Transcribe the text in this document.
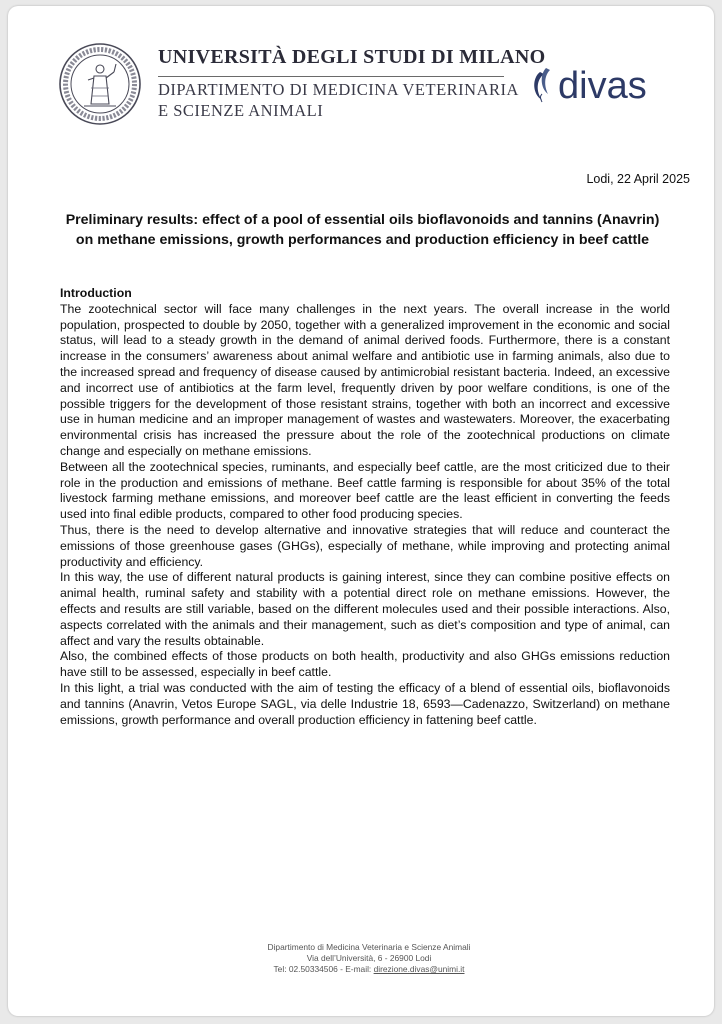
UNIVERSITÀ DEGLI STUDI DI MILANO
DIPARTIMENTO DI MEDICINA VETERINARIA
E SCIENZE ANIMALI
divas
Lodi, 22 April 2025
Preliminary results: effect of a pool of essential oils bioflavonoids and tannins (Anavrin) on methane emissions, growth performances and production efficiency in beef cattle
Introduction

The zootechnical sector will face many challenges in the next years. The overall increase in the world population, prospected to double by 2050, together with a generalized improvement in the economic and social status, will lead to a steady growth in the demand of animal derived foods. Furthermore, there is a constant increase in the consumers’ awareness about animal welfare and antibiotic use in farming animals, also due to the increased spread and frequency of disease caused by antimicrobial resistant bacteria. Indeed, an excessive and incorrect use of antibiotics at the farm level, frequently driven by poor welfare conditions, is one of the possible triggers for the development of those resistant strains, together with both an incorrect and excessive use in human medicine and an improper management of wastes and wastewaters. Moreover, the exacerbating environmental crisis has increased the pressure about the role of the zootechnical productions on climate change and especially on methane emissions.

Between all the zootechnical species, ruminants, and especially beef cattle, are the most criticized due to their role in the production and emissions of methane. Beef cattle farming is responsible for about 35% of the total livestock farming methane emissions, and moreover beef cattle are the least efficient in converting the feeds used into final edible products, compared to other food producing species.

Thus, there is the need to develop alternative and innovative strategies that will reduce and counteract the emissions of those greenhouse gases (GHGs), especially of methane, while improving and protecting animal productivity and efficiency.

In this way, the use of different natural products is gaining interest, since they can combine positive effects on animal health, ruminal safety and stability with a potential direct role on methane emissions. However, the effects and results are still variable, based on the different molecules used and their possible interactions. Also, aspects correlated with the animals and their management, such as diet’s composition and type of animal, can affect and vary the results obtainable.

Also, the combined effects of those products on both health, productivity and also GHGs emissions reduction have still to be assessed, especially in beef cattle.

In this light, a trial was conducted with the aim of testing the efficacy of a blend of essential oils, bioflavonoids and tannins (Anavrin, Vetos Europe SAGL, via delle Industrie 18, 6593—Cadenazzo, Switzerland) on methane emissions, growth performance and overall production efficiency in fattening beef cattle.

Dipartimento di Medicina Veterinaria e Scienze Animali
Via dell’Università, 6 - 26900 Lodi
Tel: 02.50334506 - E-mail: direzione.divas@unimi.it
